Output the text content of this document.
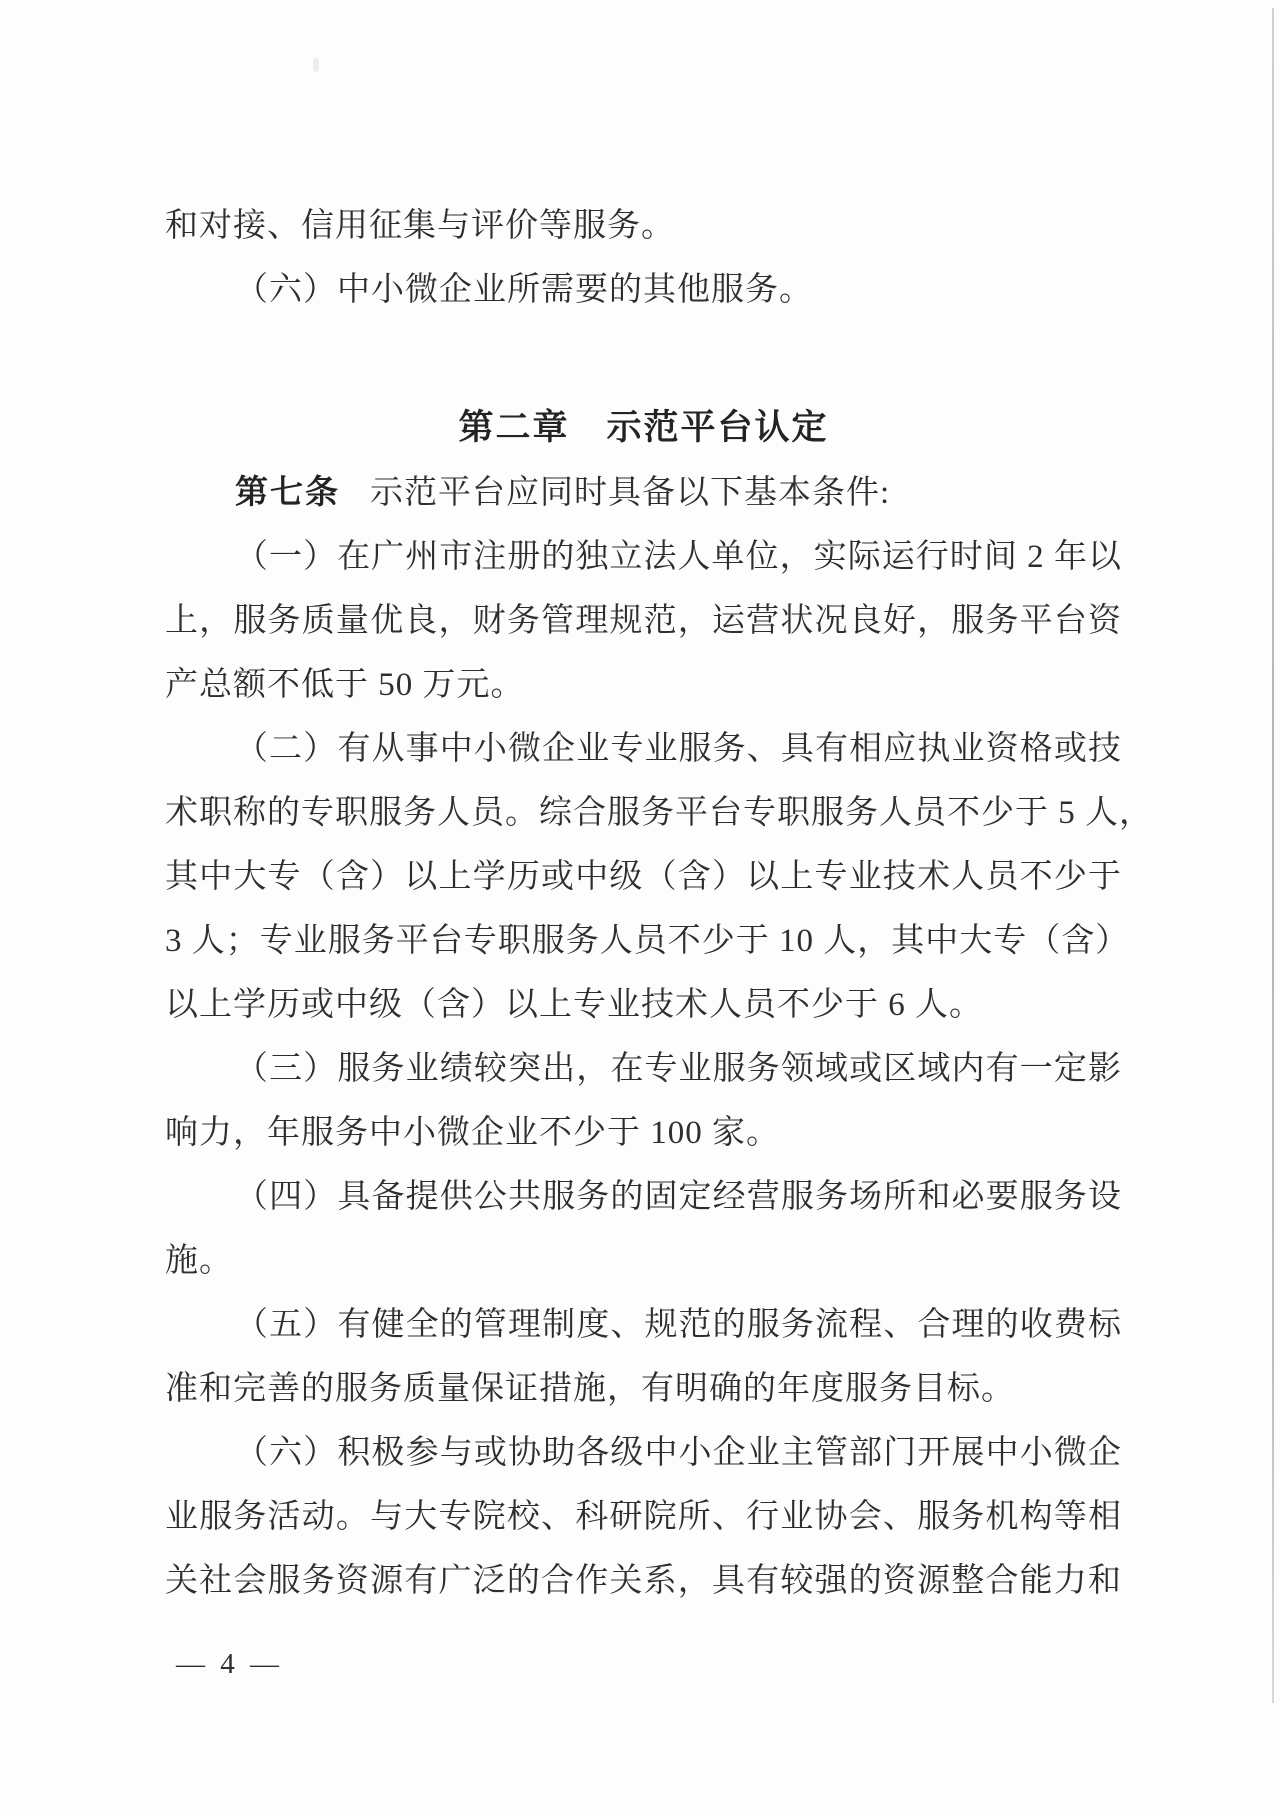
和对接、信用征集与评价等服务。

（六）中小微企业所需要的其他服务。

第二章　示范平台认定

第七条 示范平台应同时具备以下基本条件:

（一）在广州市注册的独立法人单位，实际运行时间 2 年以

上，服务质量优良，财务管理规范，运营状况良好，服务平台资

产总额不低于 50 万元。

（二）有从事中小微企业专业服务、具有相应执业资格或技

术职称的专职服务人员。综合服务平台专职服务人员不少于 5 人，

其中大专（含）以上学历或中级（含）以上专业技术人员不少于

3 人；专业服务平台专职服务人员不少于 10 人，其中大专（含）

以上学历或中级（含）以上专业技术人员不少于 6 人。

（三）服务业绩较突出，在专业服务领域或区域内有一定影

响力，年服务中小微企业不少于 100 家。

（四）具备提供公共服务的固定经营服务场所和必要服务设

施。

（五）有健全的管理制度、规范的服务流程、合理的收费标

准和完善的服务质量保证措施，有明确的年度服务目标。

（六）积极参与或协助各级中小企业主管部门开展中小微企

业服务活动。与大专院校、科研院所、行业协会、服务机构等相

关社会服务资源有广泛的合作关系，具有较强的资源整合能力和

— 4 —
